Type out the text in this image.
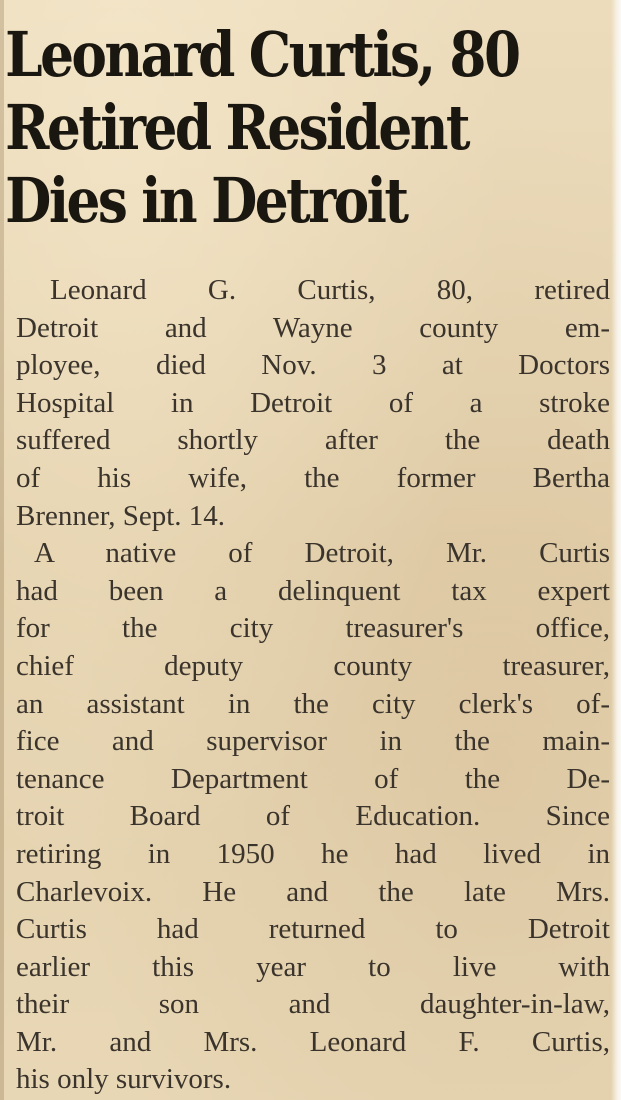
Leonard Curtis, 80
Retired Resident
Dies in Detroit

Leonard G. Curtis, 80, retired
Detroit and Wayne county em-
ployee, died Nov. 3 at Doctors
Hospital in Detroit of a stroke
suffered shortly after the death
of his wife, the former Bertha
Brenner, Sept. 14.

A native of Detroit, Mr. Curtis
had been a delinquent tax expert
for the city treasurer's office,
chief deputy county treasurer,
an assistant in the city clerk's of-
fice and supervisor in the main-
tenance Department of the De-
troit Board of Education. Since
retiring in 1950 he had lived in
Charlevoix. He and the late Mrs.
Curtis had returned to Detroit
earlier this year to live with
their son and daughter-in-law,
Mr. and Mrs. Leonard F. Curtis,
his only survivors.
